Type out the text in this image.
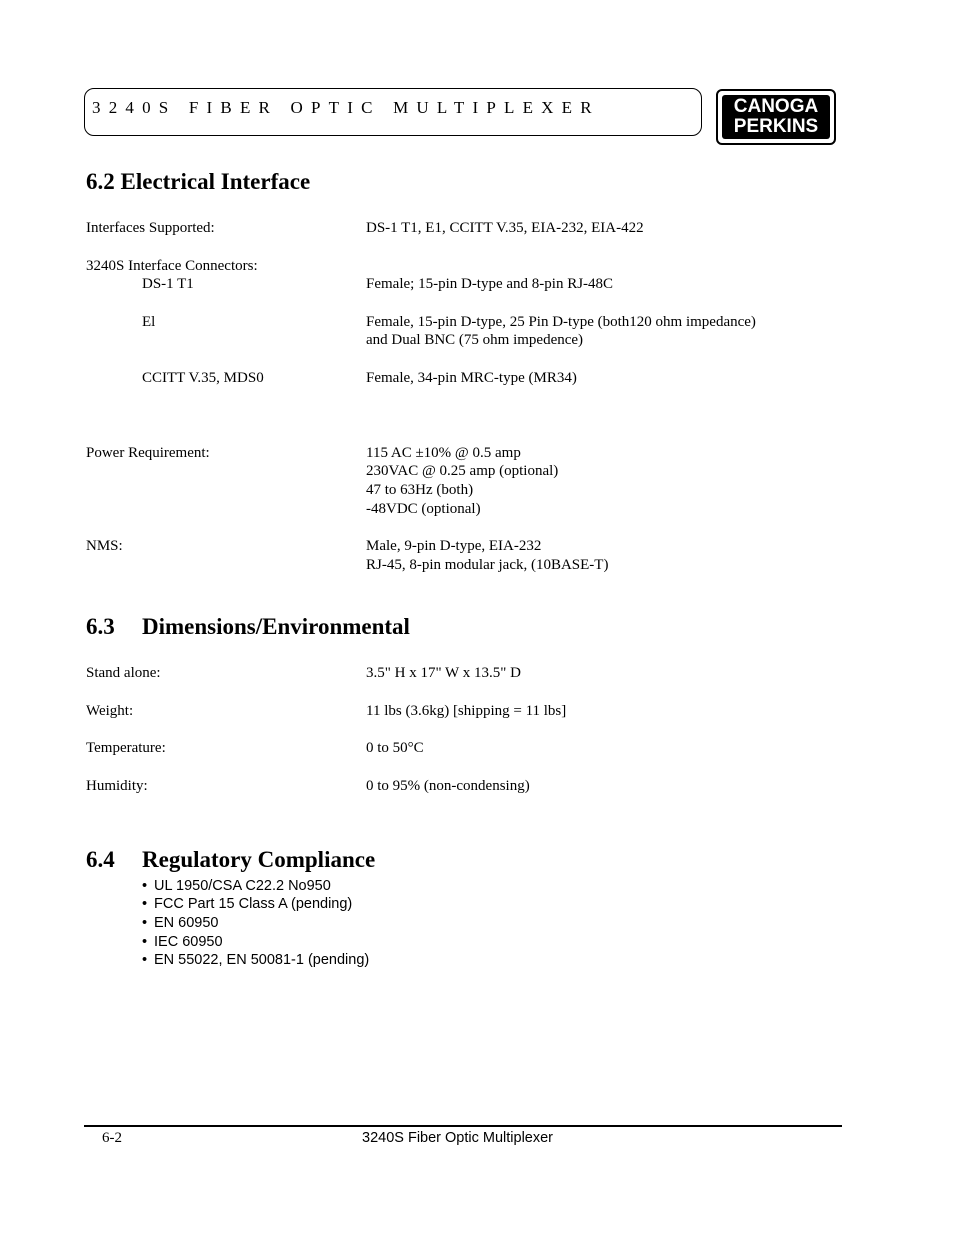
3240S FIBER OPTIC MULTIPLEXER	CANOGA
PERKINS
6.2 Electrical Interface
Interfaces Supported:	DS-1 T1, E1, CCITT V.35, EIA-232, EIA-422
3240S Interface Connectors:
DS-1 T1	Female; 15-pin D-type and 8-pin RJ-48C
El	Female, 15-pin D-type, 25 Pin D-type (both120 ohm impedance)
and Dual BNC (75 ohm impedence)
CCITT V.35, MDS0	Female, 34-pin MRC-type (MR34)
Power Requirement:	115 AC ±10% @ 0.5 amp
230VAC @ 0.25 amp (optional)
47 to 63Hz (both)
-48VDC (optional)
NMS:	Male, 9-pin D-type, EIA-232
RJ-45, 8-pin modular jack, (10BASE-T)
6.3 Dimensions/Environmental
Stand alone:	3.5" H x 17" W x 13.5" D
Weight:	11 lbs (3.6kg) [shipping = 11 lbs]
Temperature:	0 to 50°C
Humidity:	0 to 95% (non-condensing)
6.4 Regulatory Compliance
• UL 1950/CSA C22.2 No950
• FCC Part 15 Class A (pending)
• EN 60950
• IEC 60950
• EN 55022, EN 50081-1 (pending)
6-2	3240S Fiber Optic Multiplexer
